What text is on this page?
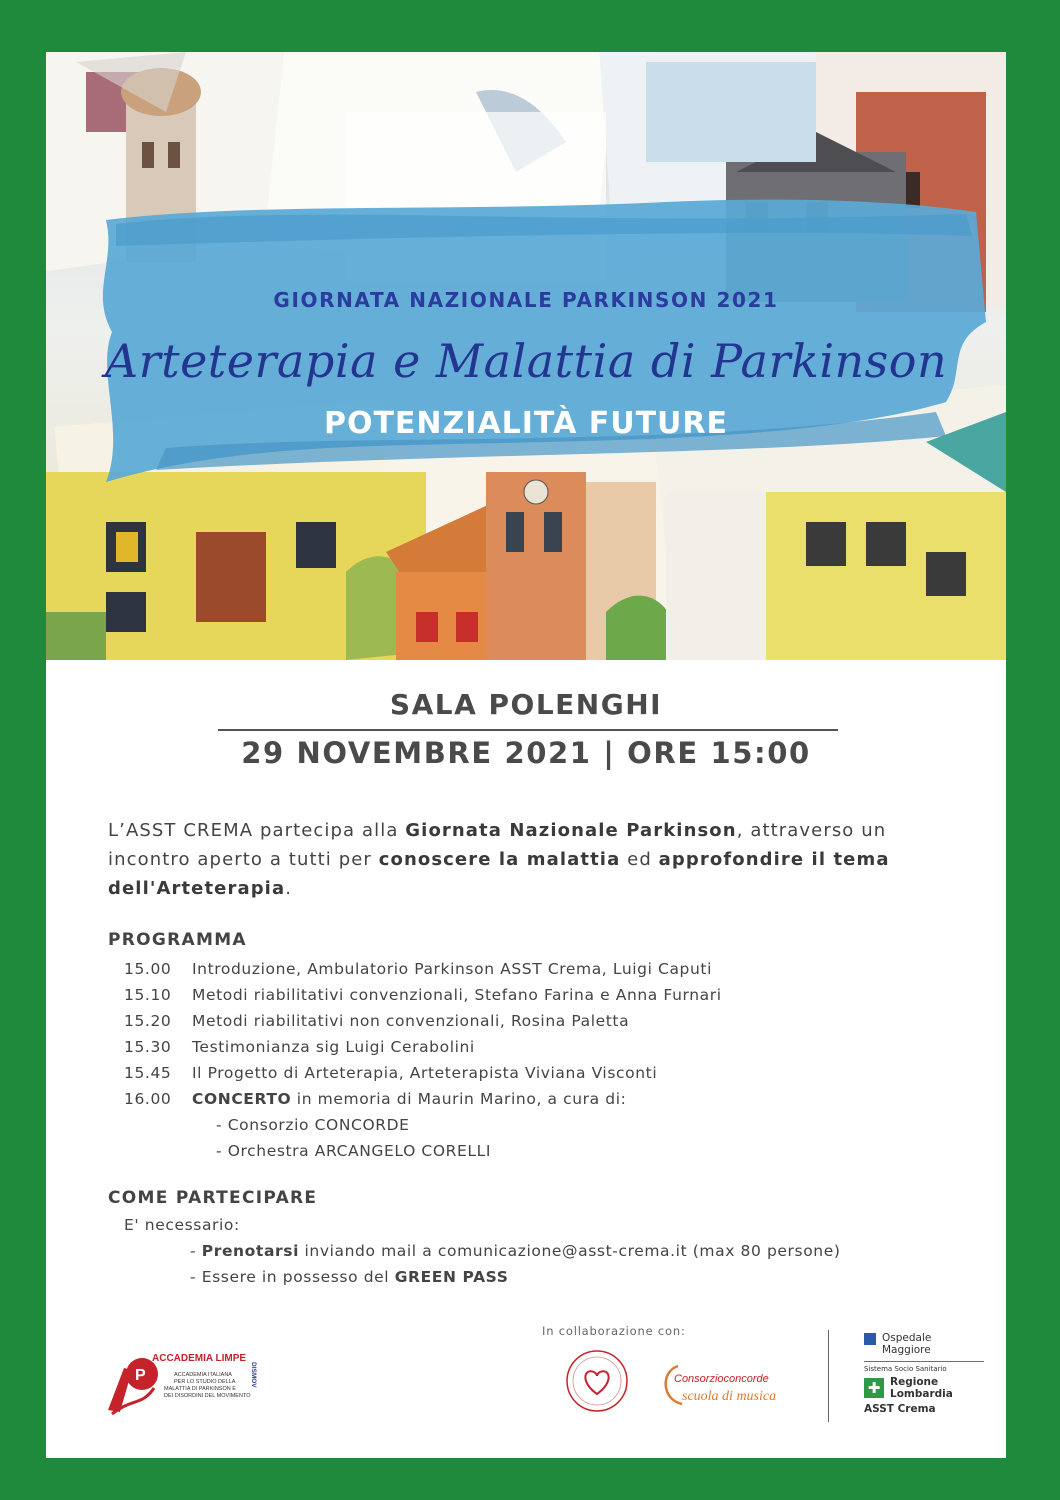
GIORNATA NAZIONALE PARKINSON 2021
Arteterapia e Malattia di Parkinson
POTENZIALITÀ FUTURE
SALA POLENGHI
29 NOVEMBRE 2021 | ORE 15:00
L’ASST CREMA partecipa alla Giornata Nazionale Parkinson, attraverso un incontro aperto a tutti per conoscere la malattia ed approfondire il tema dell'Arteterapia.
PROGRAMMA
15.00 Introduzione, Ambulatorio Parkinson ASST Crema, Luigi Caputi
15.10 Metodi riabilitativi convenzionali, Stefano Farina e Anna Furnari
15.20 Metodi riabilitativi non convenzionali, Rosina Paletta
15.30 Testimonianza sig Luigi Cerabolini
15.45 Il Progetto di Arteterapia, Arteterapista Viviana Visconti
16.00 CONCERTO in memoria di Maurin Marino, a cura di:
- Consorzio CONCORDE
- Orchestra ARCANGELO CORELLI
COME PARTECIPARE
E' necessario:
- Prenotarsi inviando mail a comunicazione@asst-crema.it (max 80 persone)
- Essere in possesso del GREEN PASS
In collaborazione con:
P
ACCADEMIA LIMPE
ACCADEMIA ITALIANA
PER LO STUDIO DELLA
MALATTIA DI PARKINSON E
DEI DISORDINI DEL MOVIMENTO
DISMOV	Consorzioconcorde
scuola di musica
Ospedale
Maggiore
Sistema Socio Sanitario
✚ Regione
Lombardia
ASST Crema
